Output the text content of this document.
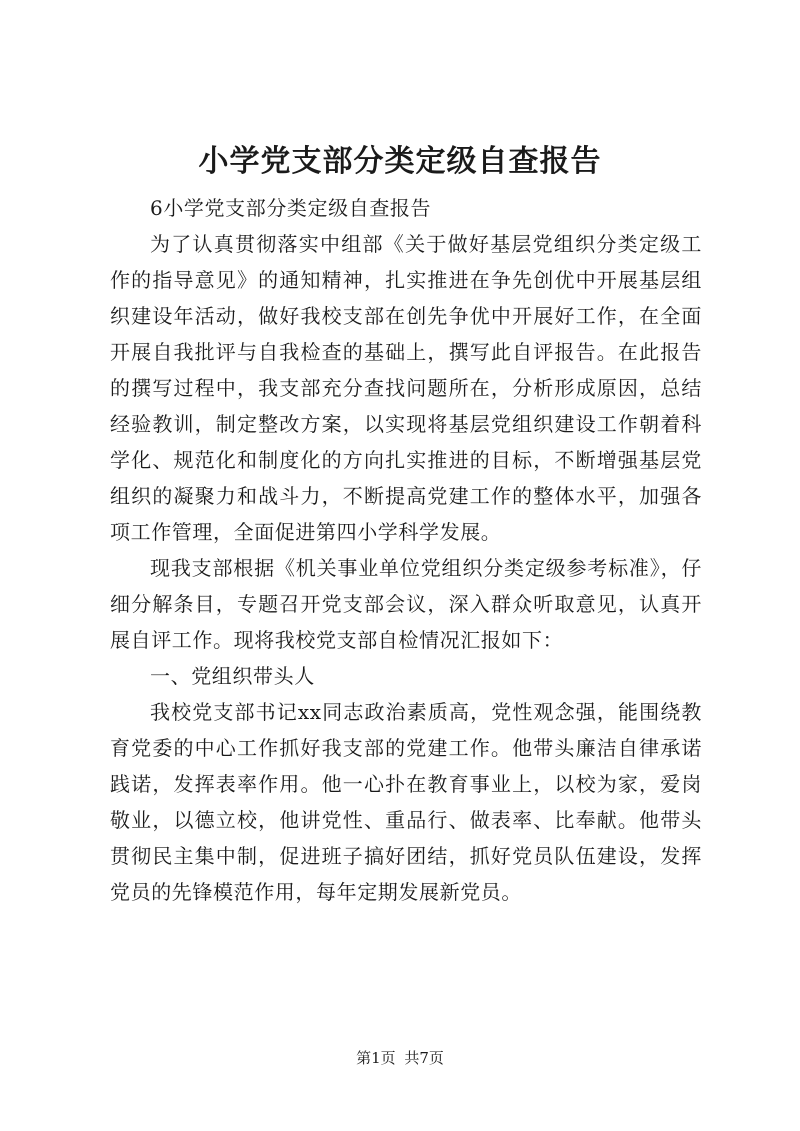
小学党支部分类定级自查报告

6小学党支部分类定级自查报告

为了认真贯彻落实中组部《关于做好基层党组织分类定级工作的指导意见》的通知精神，扎实推进在争先创优中开展基层组织建设年活动，做好我校支部在创先争优中开展好工作，在全面开展自我批评与自我检查的基础上，撰写此自评报告。在此报告的撰写过程中，我支部充分查找问题所在，分析形成原因，总结经验教训，制定整改方案，以实现将基层党组织建设工作朝着科学化、规范化和制度化的方向扎实推进的目标，不断增强基层党组织的凝聚力和战斗力，不断提高党建工作的整体水平，加强各项工作管理，全面促进第四小学科学发展。

现我支部根据《机关事业单位党组织分类定级参考标准》，仔细分解条目，专题召开党支部会议，深入群众听取意见，认真开展自评工作。现将我校党支部自检情况汇报如下：

一、党组织带头人

我校党支部书记xx同志政治素质高，党性观念强，能围绕教育党委的中心工作抓好我支部的党建工作。他带头廉洁自律承诺践诺，发挥表率作用。他一心扑在教育事业上，以校为家，爱岗敬业，以德立校，他讲党性、重品行、做表率、比奉献。他带头贯彻民主集中制，促进班子搞好团结，抓好党员队伍建设，发挥党员的先锋模范作用，每年定期发展新党员。

第1页 共7页
